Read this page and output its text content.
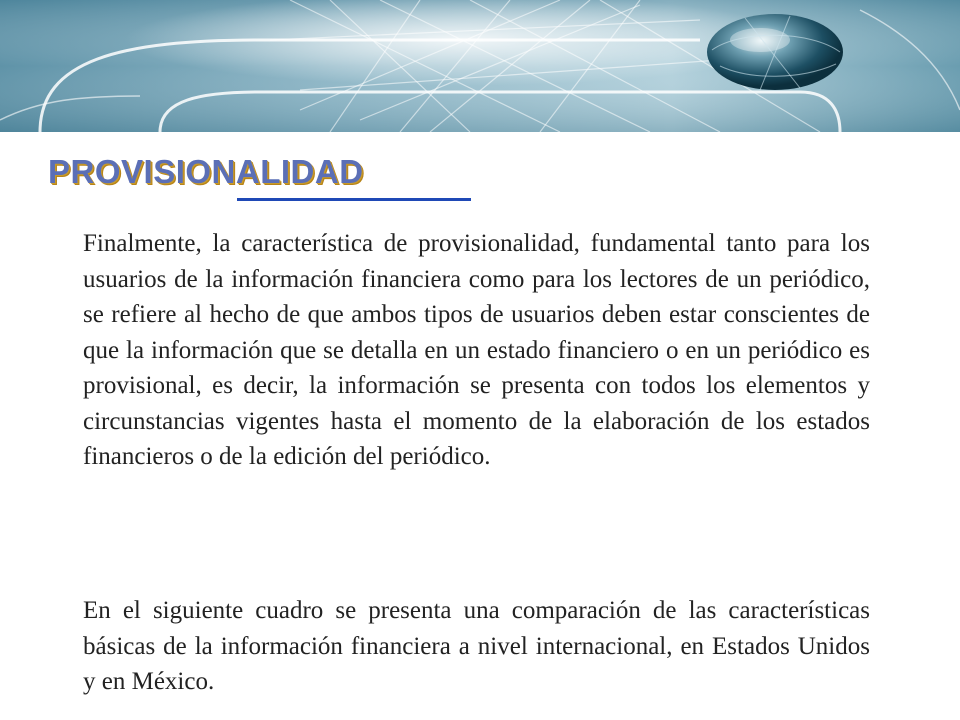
PROVISIONALIDAD

Finalmente, la característica de provisionalidad, fundamental tanto para los usuarios de la información financiera como para los lectores de un periódico, se refiere al hecho de que ambos tipos de usuarios deben estar conscientes de que la información que se detalla en un estado financiero o en un periódico es provisional, es decir, la información se presenta con todos los elementos y circunstancias vigentes hasta el momento de la elaboración de los estados financieros o de la edición del periódico.

En el siguiente cuadro se presenta una comparación de las características básicas de la información financiera a nivel internacional, en Estados Unidos y en México.
